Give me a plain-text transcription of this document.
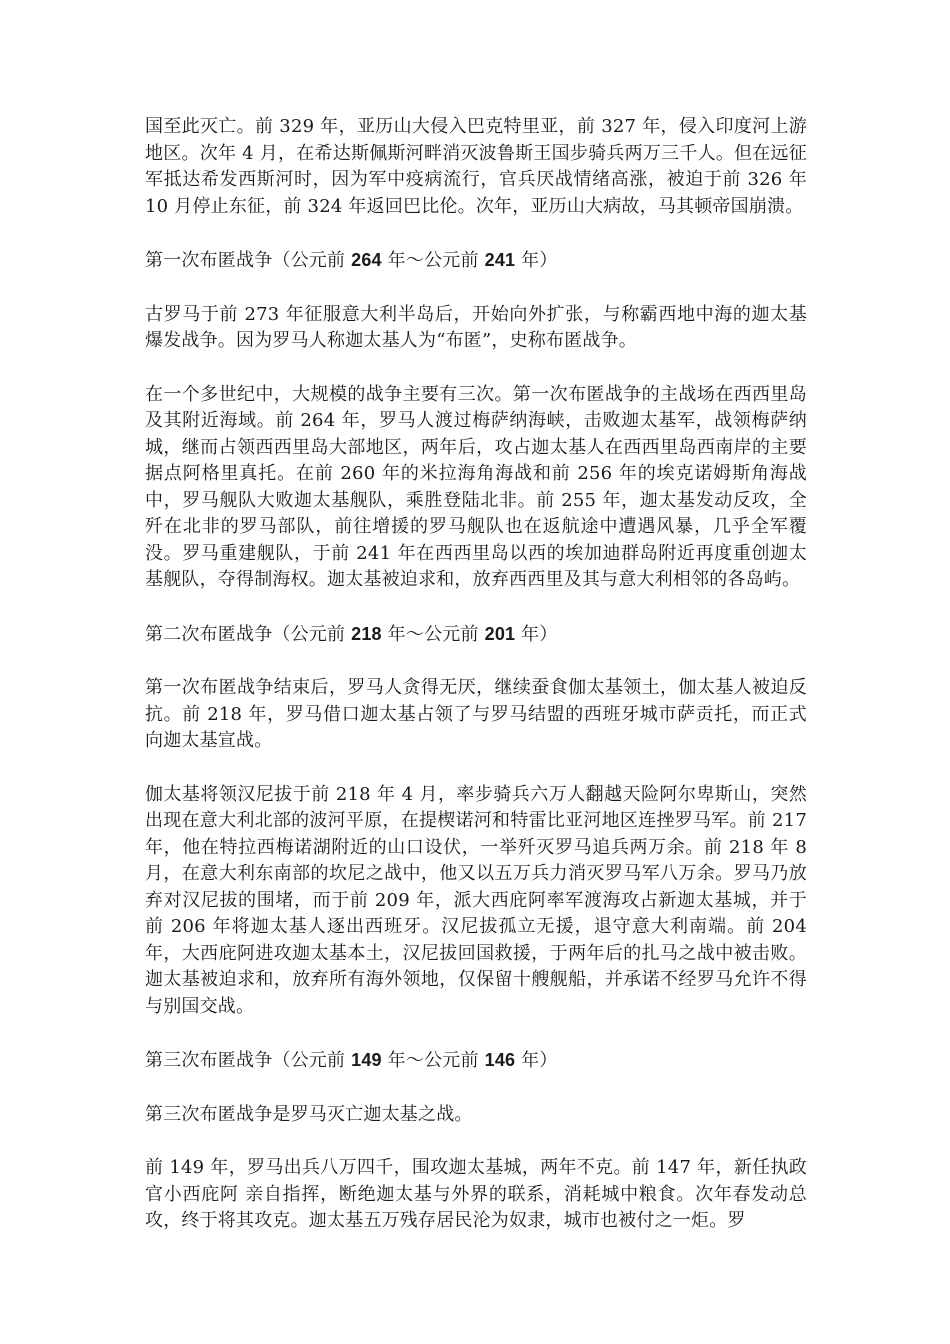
国至此灭亡。前 329 年，亚历山大侵入巴克特里亚，前 327 年，侵入印度河上游地区。次年 4 月，在希达斯佩斯河畔消灭波鲁斯王国步骑兵两万三千人。但在远征军抵达希发西斯河时，因为军中疫病流行，官兵厌战情绪高涨，被迫于前 326 年 10 月停止东征，前 324 年返回巴比伦。次年，亚历山大病故，马其顿帝国崩溃。

第一次布匿战争（公元前 264 年～公元前 241 年）

古罗马于前 273 年征服意大利半岛后，开始向外扩张，与称霸西地中海的迦太基爆发战争。因为罗马人称迦太基人为“布匿”，史称布匿战争。

在一个多世纪中，大规模的战争主要有三次。第一次布匿战争的主战场在西西里岛及其附近海域。前 264 年，罗马人渡过梅萨纳海峡，击败迦太基军，战领梅萨纳城，继而占领西西里岛大部地区，两年后，攻占迦太基人在西西里岛西南岸的主要据点阿格里真托。在前 260 年的米拉海角海战和前 256 年的埃克诺姆斯角海战中，罗马舰队大败迦太基舰队，乘胜登陆北非。前 255 年，迦太基发动反攻，全歼在北非的罗马部队，前往增援的罗马舰队也在返航途中遭遇风暴，几乎全军覆没。罗马重建舰队，于前 241 年在西西里岛以西的埃加迪群岛附近再度重创迦太基舰队，夺得制海权。迦太基被迫求和，放弃西西里及其与意大利相邻的各岛屿。

第二次布匿战争（公元前 218 年～公元前 201 年）

第一次布匿战争结束后，罗马人贪得无厌，继续蚕食伽太基领土，伽太基人被迫反抗。前 218 年，罗马借口迦太基占领了与罗马结盟的西班牙城市萨贡托，而正式向迦太基宣战。

伽太基将领汉尼拔于前 218 年 4 月，率步骑兵六万人翻越天险阿尔卑斯山，突然出现在意大利北部的波河平原，在提楔诺河和特雷比亚河地区连挫罗马军。前 217 年，他在特拉西梅诺湖附近的山口设伏，一举歼灭罗马追兵两万余。前 218 年 8 月，在意大利东南部的坎尼之战中，他又以五万兵力消灭罗马军八万余。罗马乃放弃对汉尼拔的围堵，而于前 209 年，派大西庇阿率军渡海攻占新迦太基城，并于前 206 年将迦太基人逐出西班牙。汉尼拔孤立无援，退守意大利南端。前 204 年，大西庇阿进攻迦太基本土，汉尼拔回国救援，于两年后的扎马之战中被击败。迦太基被迫求和，放弃所有海外领地，仅保留十艘舰船，并承诺不经罗马允许不得与别国交战。

第三次布匿战争（公元前 149 年～公元前 146 年）

第三次布匿战争是罗马灭亡迦太基之战。

前 149 年，罗马出兵八万四千，围攻迦太基城，两年不克。前 147 年，新任执政官小西庇阿 亲自指挥，断绝迦太基与外界的联系，消耗城中粮食。次年春发动总攻，终于将其攻克。迦太基五万残存居民沦为奴隶，城市也被付之一炬。罗
